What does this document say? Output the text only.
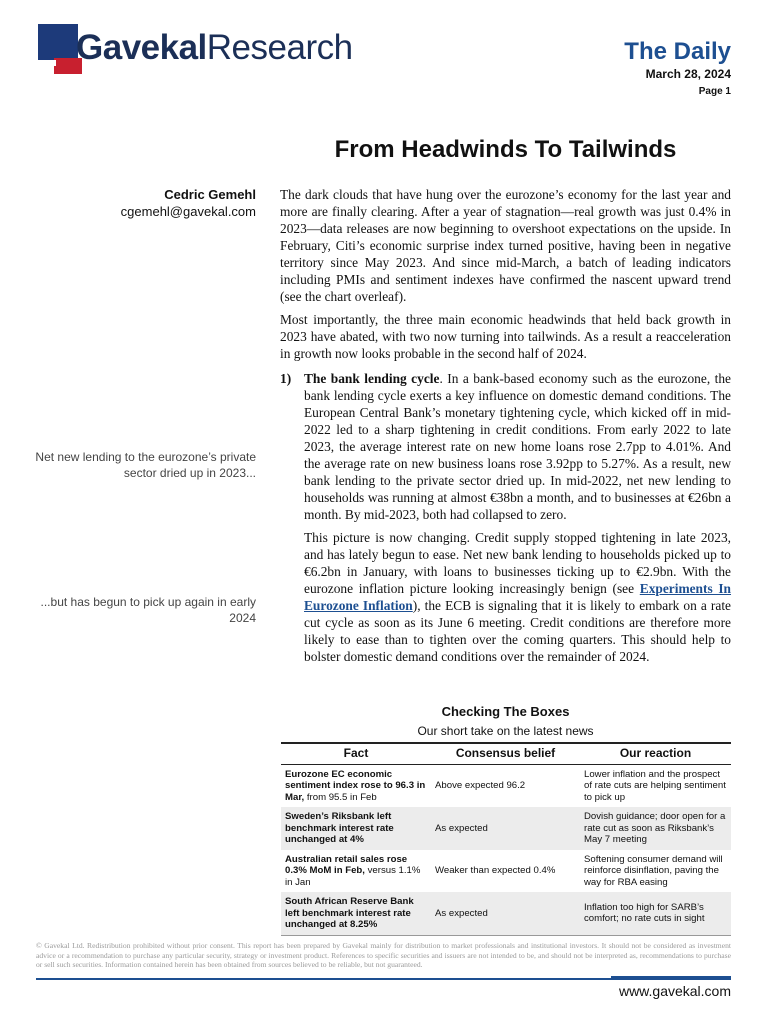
GavekalResearch	The Daily
March 28, 2024
Page 1
From Headwinds To Tailwinds
Cedric Gemehl
cgemehl@gavekal.com
Net new lending to the eurozone’s private sector dried up in 2023...
...but has begun to pick up again in early 2024

The dark clouds that have hung over the eurozone’s economy for the last year and more are finally clearing. After a year of stagnation—real growth was just 0.4% in 2023—data releases are now beginning to overshoot expectations on the upside. In February, Citi’s economic surprise index turned positive, having been in negative territory since May 2023. And since mid-March, a batch of leading indicators including PMIs and sentiment indexes have confirmed the nascent upward trend (see the chart overleaf).

Most importantly, the three main economic headwinds that held back growth in 2023 have abated, with two now turning into tailwinds. As a result a reacceleration in growth now looks probable in the second half of 2024.

1) The bank lending cycle. In a bank-based economy such as the eurozone, the bank lending cycle exerts a key influence on domestic demand conditions. The European Central Bank’s monetary tightening cycle, which kicked off in mid-2022 led to a sharp tightening in credit conditions. From early 2022 to late 2023, the average interest rate on new home loans rose 2.7pp to 4.01%. And the average rate on new business loans rose 3.92pp to 5.27%. As a result, new bank lending to the private sector dried up. In mid-2022, net new lending to households was running at almost €38bn a month, and to businesses at €26bn a month. By mid-2023, both had collapsed to zero.

This picture is now changing. Credit supply stopped tightening in late 2023, and has lately begun to ease. Net new bank lending to households picked up to €6.2bn in January, with loans to businesses ticking up to €2.9bn. With the eurozone inflation picture looking increasingly benign (see Experiments In Eurozone Inflation), the ECB is signaling that it is likely to embark on a rate cut cycle as soon as its June 6 meeting. Credit conditions are therefore more likely to ease than to tighten over the coming quarters. This should help to bolster domestic demand conditions over the remainder of 2024.

Checking The Boxes
Our short take on the latest news
Fact	Consensus belief	Our reaction
Eurozone EC economic sentiment index rose to 96.3 in Mar, from 95.5 in Feb	Above expected 96.2	Lower inflation and the prospect of rate cuts are helping sentiment to pick up
Sweden’s Riksbank left benchmark interest rate unchanged at 4%	As expected	Dovish guidance; door open for a rate cut as soon as Riksbank’s May 7 meeting
Australian retail sales rose 0.3% MoM in Feb, versus 1.1% in Jan	Weaker than expected 0.4%	Softening consumer demand will reinforce disinflation, paving the way for RBA easing
South African Reserve Bank left benchmark interest rate unchanged at 8.25%	As expected	Inflation too high for SARB’s comfort; no rate cuts in sight
© Gavekal Ltd. Redistribution prohibited without prior consent. This report has been prepared by Gavekal mainly for distribution to market professionals and institutional investors. It should not be considered as investment advice or a recommendation to purchase any particular security, strategy or investment product. References to specific securities and issuers are not intended to be, and should not be interpreted as, recommendations to purchase or sell such securities. Information contained herein has been obtained from sources believed to be reliable, but not guaranteed.
www.gavekal.com
